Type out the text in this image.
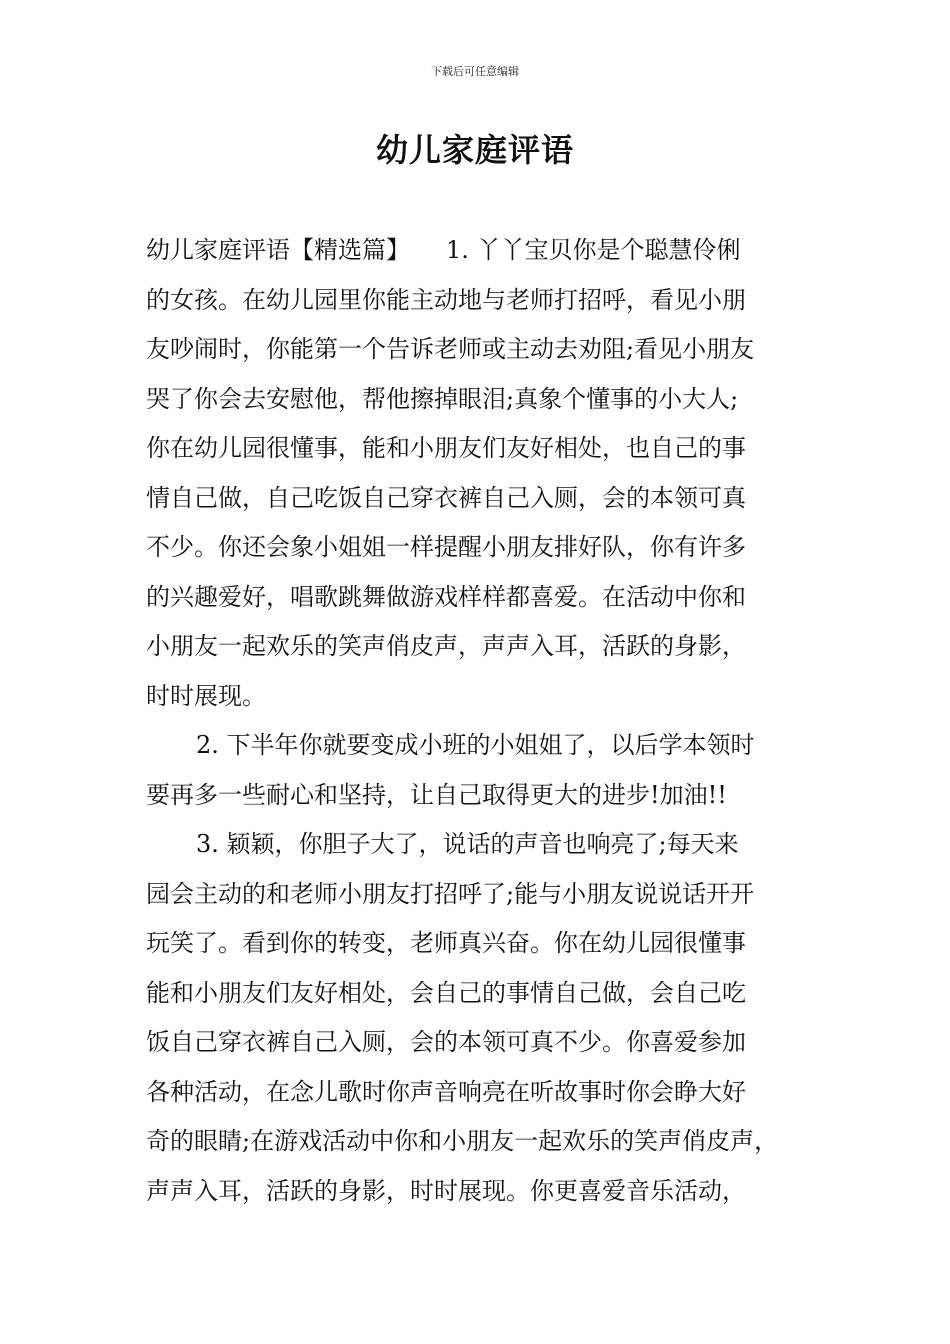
下载后可任意编辑
幼儿家庭评语
幼儿家庭评语【精选篇】　　1. 丫丫宝贝你是个聪慧伶俐
的女孩。在幼儿园里你能主动地与老师打招呼，看见小朋
友吵闹时，你能第一个告诉老师或主动去劝阻;看见小朋友
哭了你会去安慰他，帮他擦掉眼泪;真象个懂事的小大人;
你在幼儿园很懂事，能和小朋友们友好相处，也自己的事
情自己做，自己吃饭自己穿衣裤自己入厕，会的本领可真
不少。你还会象小姐姐一样提醒小朋友排好队，你有许多
的兴趣爱好，唱歌跳舞做游戏样样都喜爱。在活动中你和
小朋友一起欢乐的笑声俏皮声，声声入耳，活跃的身影，
时时展现。
2. 下半年你就要变成小班的小姐姐了，以后学本领时
要再多一些耐心和坚持，让自己取得更大的进步!加油!!
3. 颖颖，你胆子大了，说话的声音也响亮了;每天来
园会主动的和老师小朋友打招呼了;能与小朋友说说话开开
玩笑了。看到你的转变，老师真兴奋。你在幼儿园很懂事
能和小朋友们友好相处，会自己的事情自己做，会自己吃
饭自己穿衣裤自己入厕，会的本领可真不少。你喜爱参加
各种活动，在念儿歌时你声音响亮在听故事时你会睁大好
奇的眼睛;在游戏活动中你和小朋友一起欢乐的笑声俏皮声，
声声入耳，活跃的身影，时时展现。你更喜爱音乐活动，
